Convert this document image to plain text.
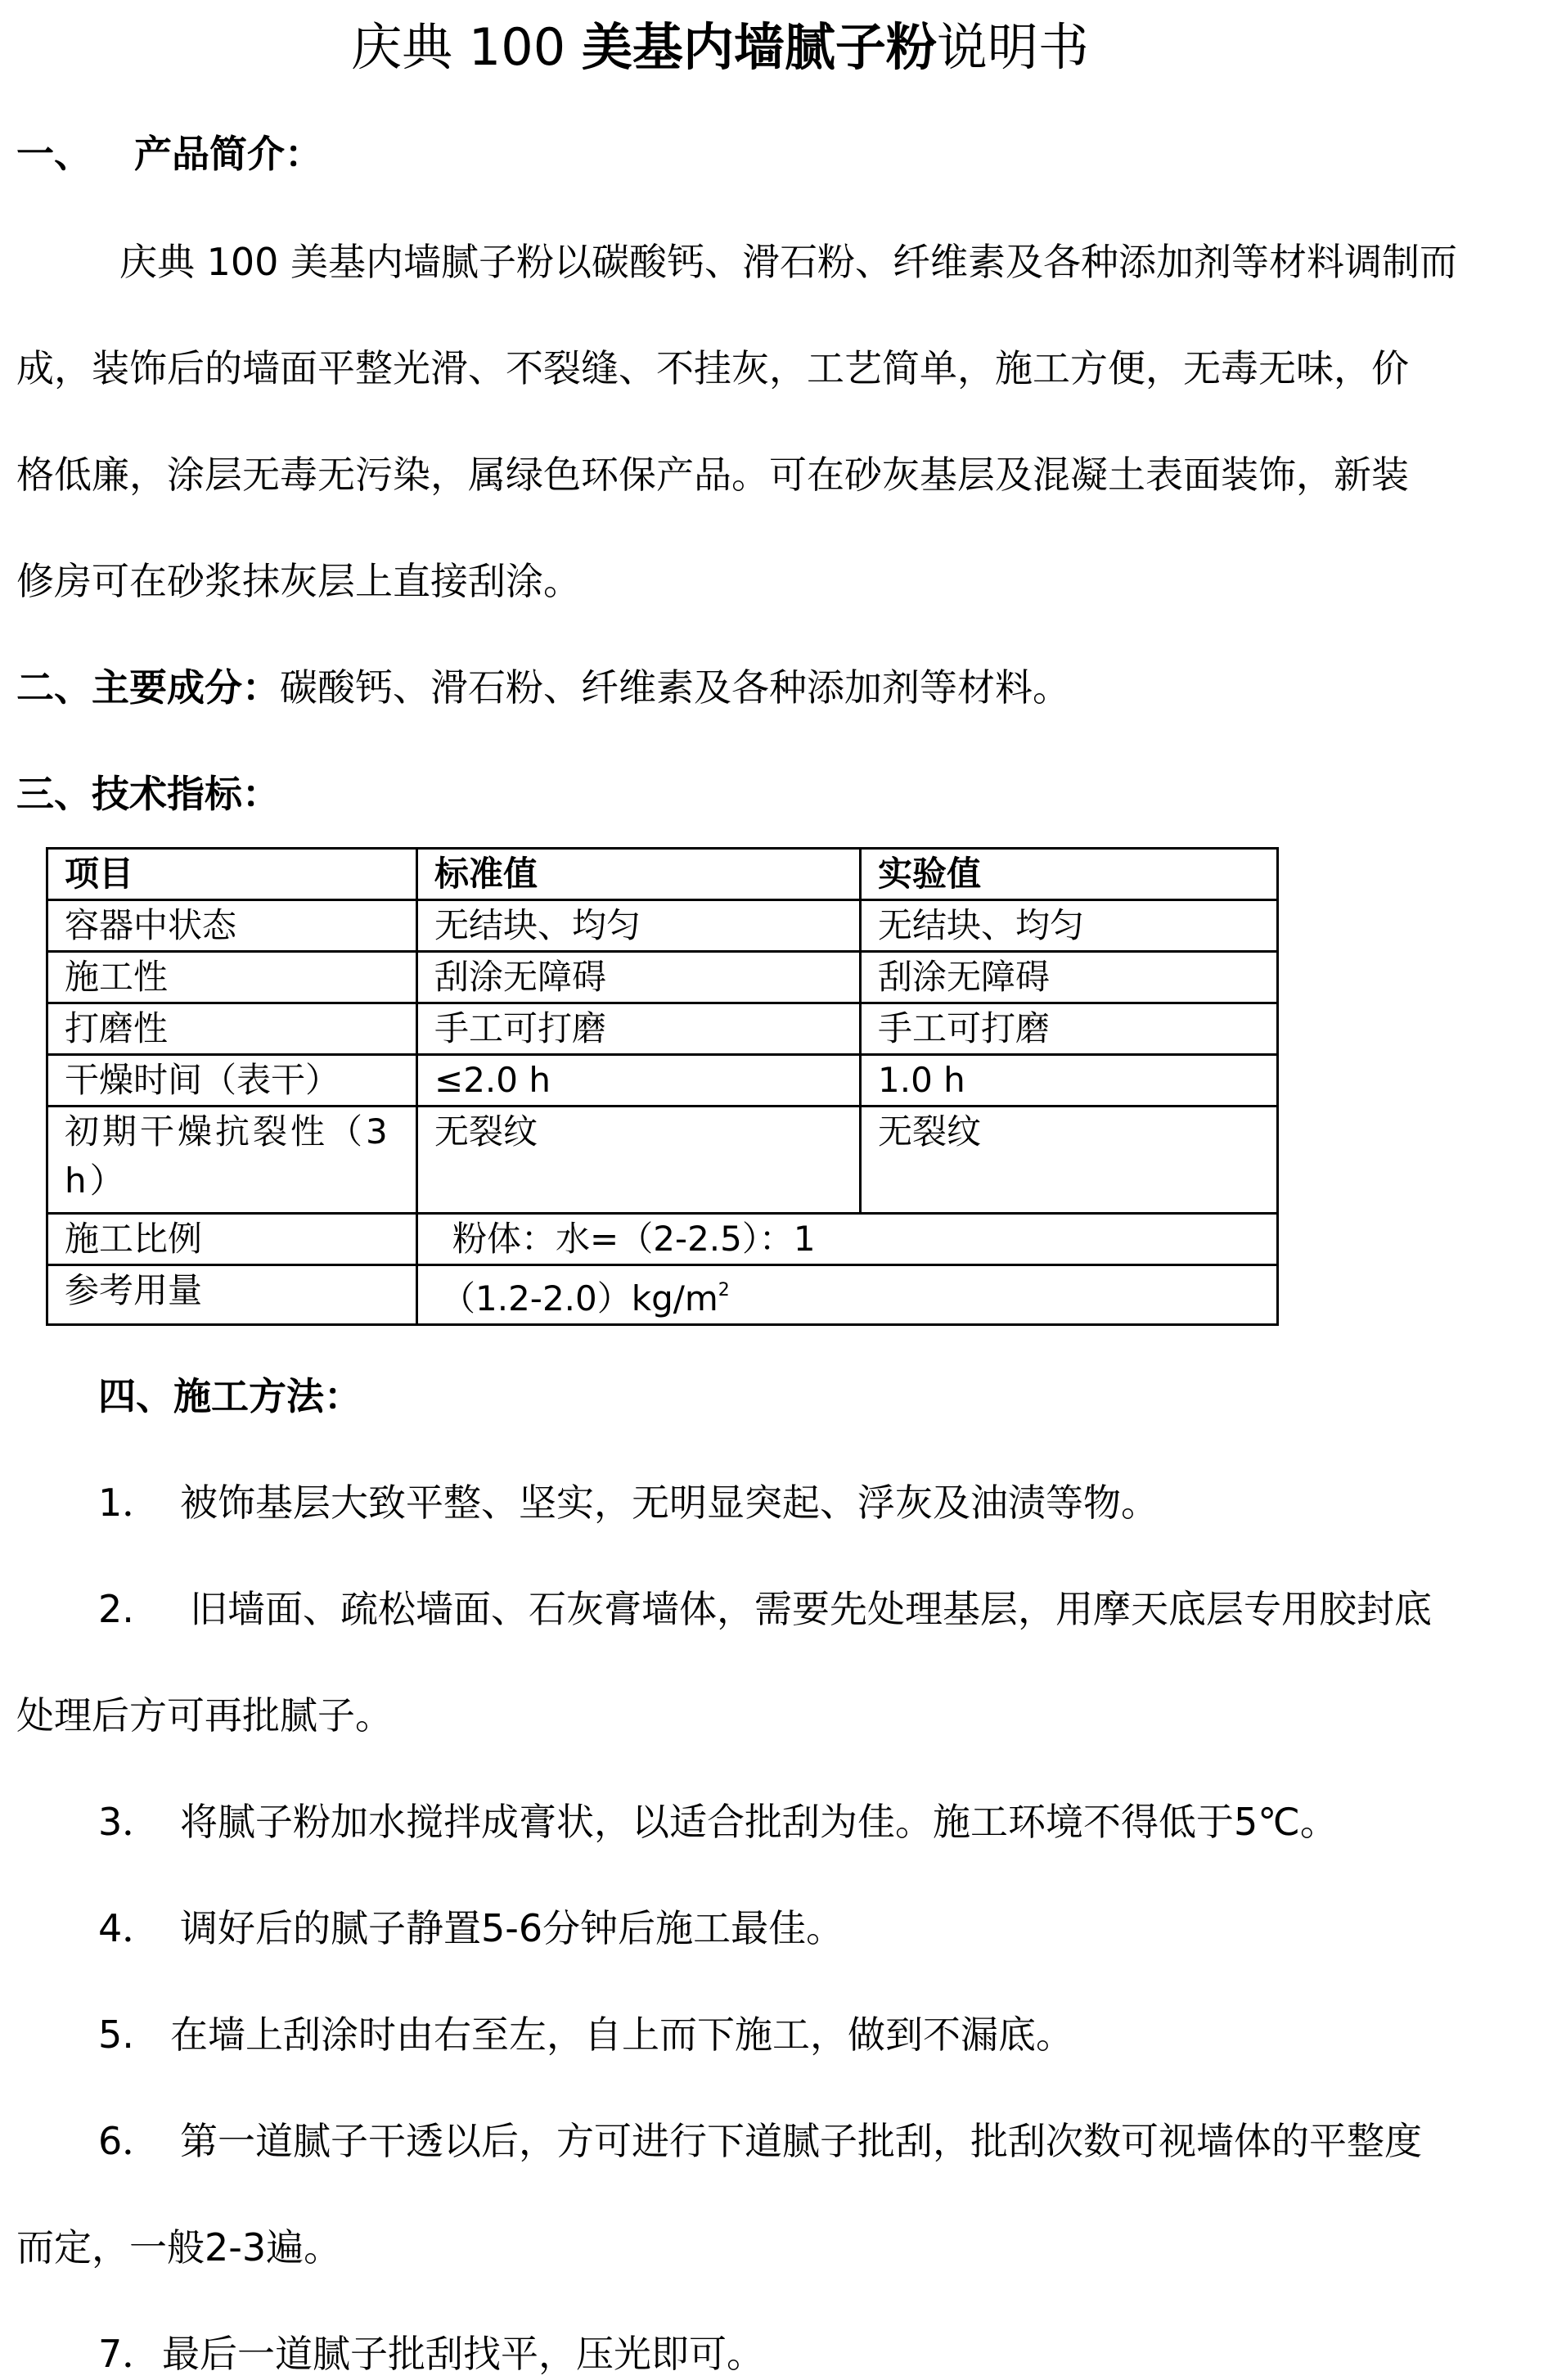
庆典 100 美基内墙腻子粉说明书
一、 产品简介：
庆典 100 美基内墙腻子粉以碳酸钙、滑石粉、纤维素及各种添加剂等材料调制而
成，装饰后的墙面平整光滑、不裂缝、不挂灰，工艺简单，施工方便，无毒无味，价
格低廉，涂层无毒无污染，属绿色环保产品。可在砂灰基层及混凝土表面装饰，新装
修房可在砂浆抹灰层上直接刮涂。
二、主要成分：碳酸钙、滑石粉、纤维素及各种添加剂等材料。
三、技术指标：
项目	标准值	实验值
容器中状态	无结块、均匀	无结块、均匀
施工性	刮涂无障碍	刮涂无障碍
打磨性	手工可打磨	手工可打磨
干燥时间（表干）	≤2.0 h	1.0 h
初期干燥抗裂性（3 h）	无裂纹	无裂纹
施工比例	粉体：水=（2-2.5）：1	
参考用量	$(1.2-2.0)kg/m^2$
四、施工方法：
1． 被饰基层大致平整、坚实，无明显突起、浮灰及油渍等物。
2. 旧墙面、疏松墙面、石灰膏墙体，需要先处理基层，用摩天底层专用胶封底
处理后方可再批腻子。
3． 将腻子粉加水搅拌成膏状，以适合批刮为佳。施工环境不得低于5℃。
4． 调好后的腻子静置5-6分钟后施工最佳。
5. 在墙上刮涂时由右至左，自上而下施工，做到不漏底。
6． 第一道腻子干透以后，方可进行下道腻子批刮，批刮次数可视墙体的平整度
而定，一般2-3遍。
7．最后一道腻子批刮找平，压光即可。
